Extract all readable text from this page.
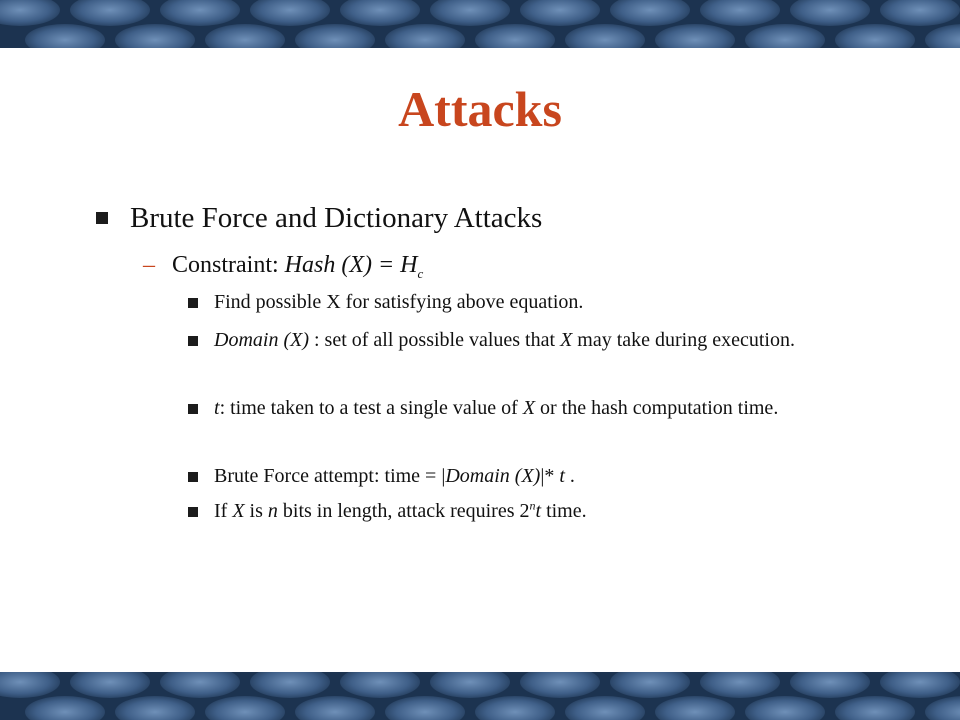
Attacks
Brute Force and Dictionary Attacks
– Constraint: Hash $(X) = H_c$
Find possible X for satisfying above equation.
Domain (X) : set of all possible values that X may take during execution.
t: time taken to a test a single value of X or the hash computation time.
Brute Force attempt: time = |Domain (X)|* t .
If X is n bits in length, attack requires 2$^n$t time.
